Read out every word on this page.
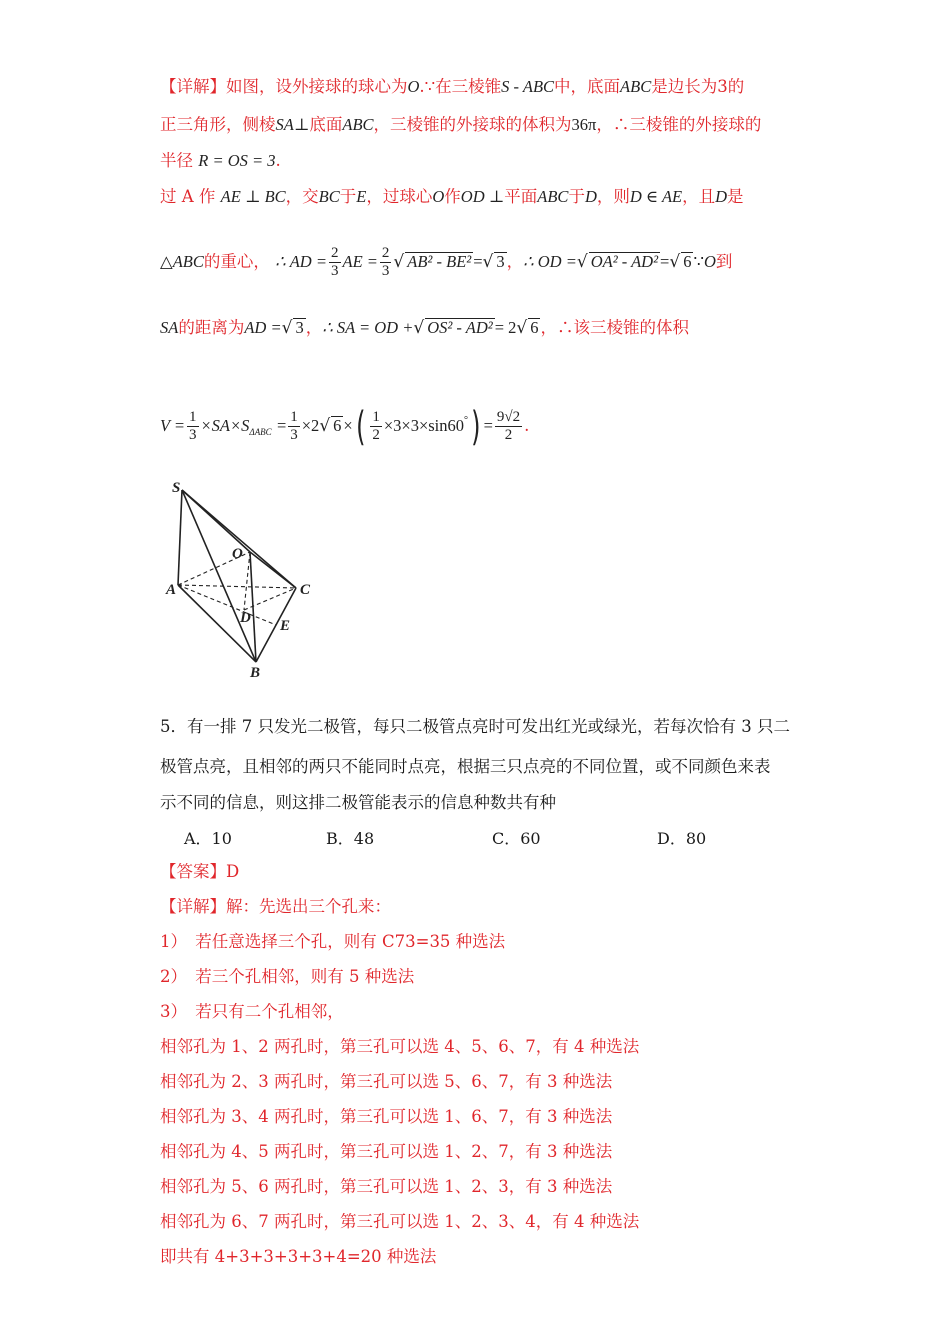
【详解】如图，设外接球的球心为O.∵在三棱锥S - ABC中，底面ABC是边长为3的
正三角形，侧棱SA⊥底面ABC，三棱锥的外接球的体积为36π，∴三棱锥的外接球的
半径 R = OS = 3.
过 A 作 AE ⊥ BC，交BC于E，过球心O作OD ⊥平面ABC于D，则D ∈ AE，且D是
△ABC的重心， ∴ AD = $\frac{2}{3}$ AE = $\frac{2}{3}$ √ AB² - BE² =√ 3 ，∴ OD =√ OA² - AD² =√ 6 ∵O到
SA的距离为AD =√ 3 ，∴ SA = OD +√ OS² - AD² = 2√ 6 ，∴该三棱锥的体积
$V = \frac{1}{3} \times SA\times S_{\Delta ABC} = \frac{1}{3} \times 2√$ 6 ×( $\frac{1}{2} \times 3\times 3\times\sin 60^\circ) = \frac{9√2}{2}$ .
S
O
A	C
D E
B
5．有一排 7 只发光二极管，每只二极管点亮时可发出红光或绿光，若每次恰有 3 只二
极管点亮，且相邻的两只不能同时点亮，根据三只点亮的不同位置，或不同颜色来表
示不同的信息，则这排二极管能表示的信息种数共有种
A．10	B．48	C．60	D．80
【答案】D
【详解】解：先选出三个孔来：
1）　若任意选择三个孔，则有 C73=35 种选法
2）　若三个孔相邻，则有 5 种选法
3）　若只有二个孔相邻，
相邻孔为 1、2 两孔时，第三孔可以选 4、5、6、7，有 4 种选法
相邻孔为 2、3 两孔时，第三孔可以选 5、6、7，有 3 种选法
相邻孔为 3、4 两孔时，第三孔可以选 1、6、7，有 3 种选法
相邻孔为 4、5 两孔时，第三孔可以选 1、2、7，有 3 种选法
相邻孔为 5、6 两孔时，第三孔可以选 1、2、3，有 3 种选法
相邻孔为 6、7 两孔时，第三孔可以选 1、2、3、4，有 4 种选法
即共有 4+3+3+3+3+4=20 种选法
